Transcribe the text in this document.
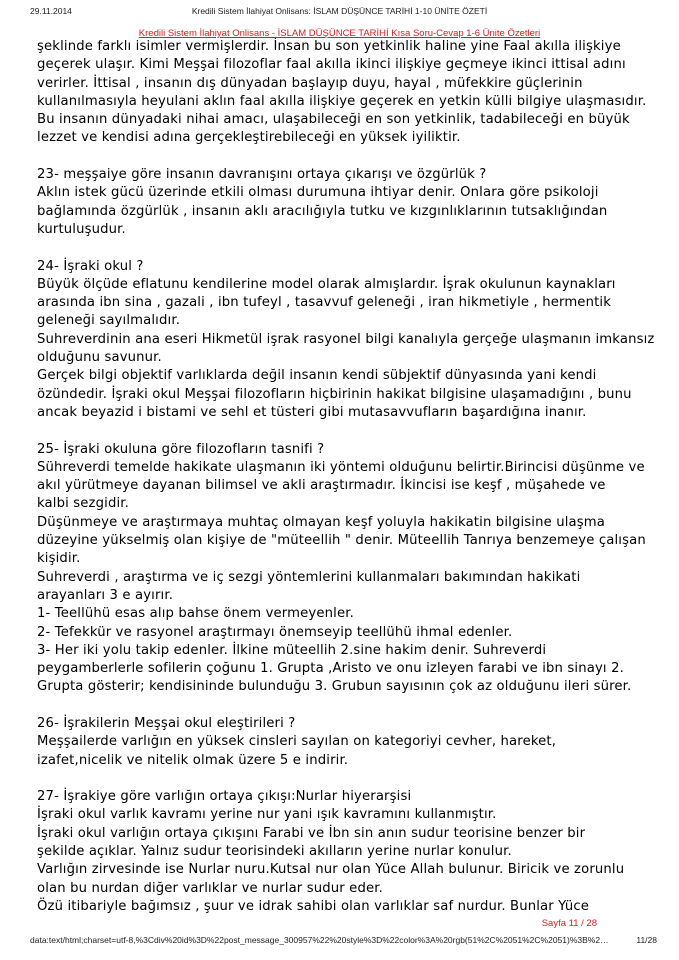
29.11.2014	Kredili Sistem İlahiyat Onlisans: İSLAM DÜŞÜNCE TARİHİ 1-10 ÜNİTE ÖZETİ
Kredili Sistem İlahiyat Onlisans - İSLAM DÜŞÜNCE TARİHİ Kısa Soru-Cevap 1-6 Ünite Özetleri

şeklinde farklı isimler vermişlerdir. İnsan bu son yetkinlik haline yine Faal akılla ilişkiye

geçerek ulaşır. Kimi Meşşai filozoflar faal akılla ikinci ilişkiye geçmeye ikinci ittisal adını

verirler. İttisal , insanın dış dünyadan başlayıp duyu, hayal , müfekkire güçlerinin

kullanılmasıyla heyulani aklın faal akılla ilişkiye geçerek en yetkin külli bilgiye ulaşmasıdır.

Bu insanın dünyadaki nihai amacı, ulaşabileceği en son yetkinlik, tadabileceği en büyük

lezzet ve kendisi adına gerçekleştirebileceği en yüksek iyiliktir.

23- meşşaiye göre insanın davranışını ortaya çıkarışı ve özgürlük ?

Aklın istek gücü üzerinde etkili olması durumuna ihtiyar denir. Onlara göre psikoloji

bağlamında özgürlük , insanın aklı aracılığıyla tutku ve kızgınlıklarının tutsaklığından

kurtuluşudur.

24- İşraki okul ?

Büyük ölçüde eflatunu kendilerine model olarak almışlardır. İşrak okulunun kaynakları

arasında ibn sina , gazali , ibn tufeyl , tasavvuf geleneği , iran hikmetiyle , hermentik

geleneği sayılmalıdır.

Suhreverdinin ana eseri Hikmetül işrak rasyonel bilgi kanalıyla gerçeğe ulaşmanın imkansız

olduğunu savunur.

Gerçek bilgi objektif varlıklarda değil insanın kendi sübjektif dünyasında yani kendi

özündedir. İşraki okul Meşşai filozofların hiçbirinin hakikat bilgisine ulaşamadığını , bunu

ancak beyazid i bistami ve sehl et tüsteri gibi mutasavvufların başardığına inanır.

25- İşraki okuluna göre filozofların tasnifi ?

Sühreverdi temelde hakikate ulaşmanın iki yöntemi olduğunu belirtir.Birincisi düşünme ve

akıl yürütmeye dayanan bilimsel ve akli araştırmadır. İkincisi ise keşf , müşahede ve

kalbi sezgidir.

Düşünmeye ve araştırmaya muhtaç olmayan keşf yoluyla hakikatin bilgisine ulaşma

düzeyine yükselmiş olan kişiye de "müteellih " denir. Müteellih Tanrıya benzemeye çalışan

kişidir.

Suhreverdi , araştırma ve iç sezgi yöntemlerini kullanmaları bakımından hakikati

arayanları 3 e ayırır.

1- Teellühü esas alıp bahse önem vermeyenler.

2- Tefekkür ve rasyonel araştırmayı önemseyip teellühü ihmal edenler.

3- Her iki yolu takip edenler. İlkine müteellih 2.sine hakim denir. Suhreverdi

peygamberlerle sofilerin çoğunu 1. Grupta ,Aristo ve onu izleyen farabi ve ibn sinayı 2.

Grupta gösterir; kendisininde bulunduğu 3. Grubun sayısının çok az olduğunu ileri sürer.

26- İşrakilerin Meşşai okul eleştirileri ?

Meşşailerde varlığın en yüksek cinsleri sayılan on kategoriyi cevher, hareket,

izafet,nicelik ve nitelik olmak üzere 5 e indirir.

27- İşrakiye göre varlığın ortaya çıkışı:Nurlar hiyerarşisi

İşraki okul varlık kavramı yerine nur yani ışık kavramını kullanmıştır.

İşraki okul varlığın ortaya çıkışını Farabi ve İbn sin anın sudur teorisine benzer bir

şekilde açıklar. Yalnız sudur teorisindeki akılların yerine nurlar konulur.

Varlığın zirvesinde ise Nurlar nuru.Kutsal nur olan Yüce Allah bulunur. Biricik ve zorunlu

olan bu nurdan diğer varlıklar ve nurlar sudur eder.

Özü itibariyle bağımsız , şuur ve idrak sahibi olan varlıklar saf nurdur. Bunlar Yüce

Sayfa 11 / 28
data:text/html;charset=utf-8,%3Cdiv%20id%3D%22post_message_300957%22%20style%3D%22color%3A%20rgb(51%2C%2051%2C%2051)%3B%2…	11/28
